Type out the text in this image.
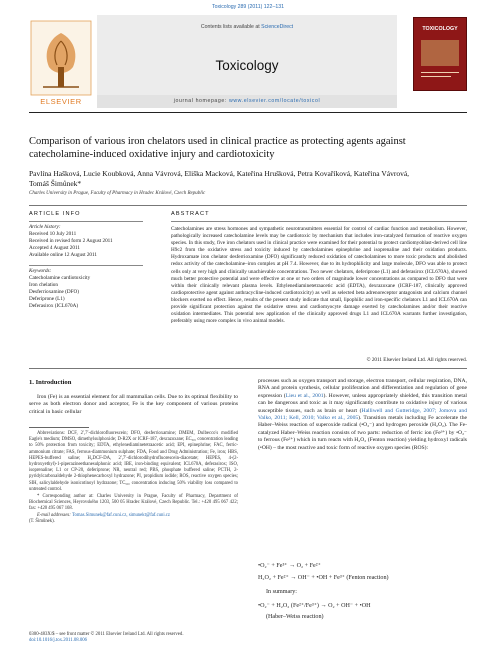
Toxicology 289 (2011) 122–131
ELSEVIER
Contents lists available at ScienceDirect
Toxicology
journal homepage: www.elsevier.com/locate/toxicol
TOXICOLOGY
Comparison of various iron chelators used in clinical practice as protecting agents against catecholamine-induced oxidative injury and cardiotoxicity
Pavlína Hašková, Lucie Koubková, Anna Vávrová, Eliška Macková, Kateřina Hrušková, Petra Kovaříková, Kateřina Vávrová, Tomáš Šimůnek*
Charles University in Prague, Faculty of Pharmacy in Hradec Králové, Czech Republic
ARTICLE INFO
Article history:
Received 10 July 2011
Received in revised form 2 August 2011
Accepted 4 August 2011
Available online 12 August 2011
Keywords:
Catecholamine cardiotoxicity
Iron chelation
Desferrioxamine (DFO)
Deferiprone (L1)
Deferasirox (ICL670A)
ABSTRACT
Catecholamines are stress hormones and sympathetic neurotransmitters essential for control of cardiac function and metabolism. However, pathologically increased catecholamine levels may be cardiotoxic by mechanism that includes iron-catalyzed formation of reactive oxygen species. In this study, five iron chelators used in clinical practice were examined for their potential to protect cardiomyoblast-derived cell line H9c2 from the oxidative stress and toxicity induced by catecholamines epinephrine and isoprenaline and their oxidation products. Hydroxamate iron chelator desferrioxamine (DFO) significantly reduced oxidation of catecholamines to more toxic products and abolished redox activity of the catecholamine–iron complex at pH 7.4. However, due to its hydrophilicity and large molecule, DFO was able to protect cells only at very high and clinically unachievable concentrations. Two newer chelators, deferiprone (L1) and deferasirox (ICL670A), showed much better protective potential and were effective at one or two orders of magnitude lower concentrations as compared to DFO that were within their clinically relevant plasma levels. Ethylenediaminetetraacetic acid (EDTA), dexrazoxane (ICRF-187, clinically approved cardioprotective agent against anthracycline-induced cardiotoxicity) as well as selected beta adrenoreceptor antagonists and calcium channel blockers exerted no effect. Hence, results of the present study indicate that small, lipophilic and iron-specific chelators L1 and ICL670A can provide significant protection against the oxidative stress and cardiomyocyte damage exerted by catecholamines and/or their reactive oxidation intermediates. This potential new application of the clinically approved drugs L1 and ICL670A warrants further investigation, preferably using more complex in vivo animal models.
© 2011 Elsevier Ireland Ltd. All rights reserved.
1. Introduction
Iron (Fe) is an essential element for all mammalian cells. Due to its optimal flexibility to serve as both electron donor and acceptor, Fe is the key component of various proteins critical in basic cellular

Abbreviations: DCF, 2′,7′-dichlorofluorescein; DFO, desferrioxamine; DMEM, Dulbecco's modified Eagle's medium; DMSO, dimethylsulphoxide; D-R2X or ICRF-187, dexrazoxane; EC₅₀, concentration leading to 50% protection from toxicity; EDTA, ethylenediaminetetraacetic acid; EPI, epinephrine; FAC, ferric-ammonium citrate; FAS, ferrous-diammonium sulphate; FDA, Food and Drug Administration; Fe, iron; HBS, HEPES-buffered saline; H₂DCF-DA, 2′,7′-dichlorodihydrofluorescein-diacetate; HEPES, 4-(2-hydroxyethyl)-1-piperazineethanesulphonic acid; IBE, iron-binding equivalent; ICL670A, deferasirox; ISO, isoprenaline; L1 or CP-20, deferiprone; NR, neutral red; PBS, phosphate buffered saline; PCTH, 2-pyridylcarboxaldehyde 2-thiophenecarboxyl hydrazone; PI, propidium iodide; ROS, reactive oxygen species; SIH, salicylaldehyde isonicotinoyl hydrazone; TC₅₀, concentration inducing 50% viability loss compared to untreated control.

* Corresponding author at: Charles University in Prague, Faculty of Pharmacy, Department of Biochemical Sciences, Heyrovského 1203, 500 05 Hradec Králové, Czech Republic. Tel.: +420 495 067 422; fax: +420 495 067 168.

E-mail addresses: Tomas.Simunek@faf.cuni.cz, simunekt@faf.cuni.cz
(T. Šimůnek).

0300-483X/$ – see front matter © 2011 Elsevier Ireland Ltd. All rights reserved.
doi:10.1016/j.tox.2011.08.006
processes such as oxygen transport and storage, electron transport, cellular respiration, DNA, RNA and protein synthesis, cellular proliferation and differentiation and regulation of gene expression (Lieu et al., 2001). However, unless appropriately shielded, this transition metal can be dangerous and toxic as it may significantly contribute to oxidative injury of various susceptible tissues, such as brain or heart (Halliwell and Gutteridge, 2007; Jomova and Valko, 2011; Kell, 2010; Valko et al., 2005). Transition metals including Fe accelerate the Haber–Weiss reaction of superoxide radical (•O₂⁻) and hydrogen peroxide (H₂O₂). The Fe-catalyzed Haber–Weiss reaction consists of two parts: reduction of ferric ion (Fe³⁺) by •O₂⁻ to ferrous (Fe²⁺) which in turn reacts with H₂O₂ (Fenton reaction) yielding hydroxyl radicals (•OH) – the most reactive and toxic form of reactive oxygen species (ROS):
•O₂⁻ + Fe³⁺ → O₂ + Fe²⁺
H₂O₂ + Fe²⁺ → OH⁻ + •OH + Fe³⁺ (Fenton reaction)
In summary:
•O₂⁻ + H₂O₂ (Fe²⁺/Fe³⁺) → O₂ + OH⁻ + •OH
(Haber–Weiss reaction)
